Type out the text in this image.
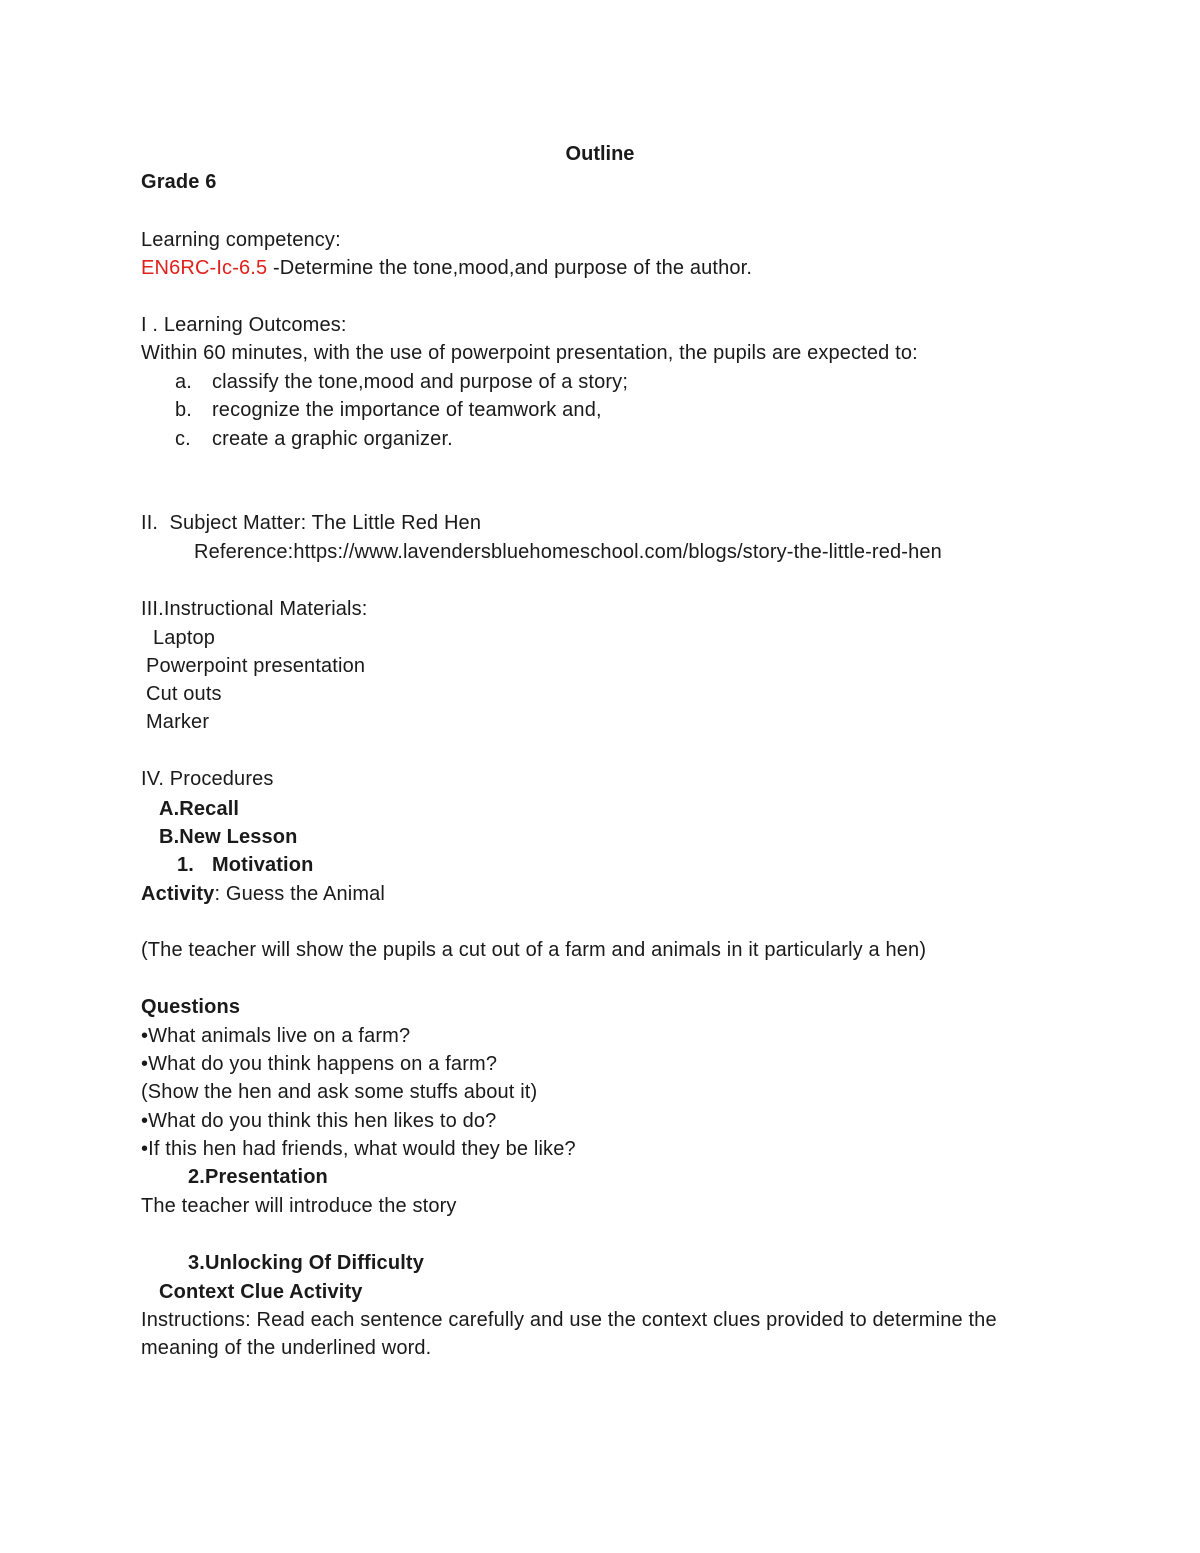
Outline
Grade 6
Learning competency:
EN6RC-Ic-6.5 -Determine the tone,mood,and purpose of the author.
I . Learning Outcomes:
Within 60 minutes, with the use of powerpoint presentation, the pupils are expected to:
a. classify the tone,mood and purpose of a story;
b. recognize the importance of teamwork and,
c. create a graphic organizer.
II.  Subject Matter: The Little Red Hen
Reference:https://www.lavendersbluehomeschool.com/blogs/story-the-little-red-hen
III.Instructional Materials:
Laptop
Powerpoint presentation
Cut outs
Marker
IV. Procedures
A.Recall
B.New Lesson
1. Motivation
Activity: Guess the Animal
(The teacher will show the pupils a cut out of a farm and animals in it particularly a hen)
Questions
•What animals live on a farm?
•What do you think happens on a farm?
(Show the hen and ask some stuffs about it)
•What do you think this hen likes to do?
•If this hen had friends, what would they be like?
2.Presentation
The teacher will introduce the story
3.Unlocking Of Difficulty
Context Clue Activity
Instructions: Read each sentence carefully and use the context clues provided to determine the
meaning of the underlined word.
